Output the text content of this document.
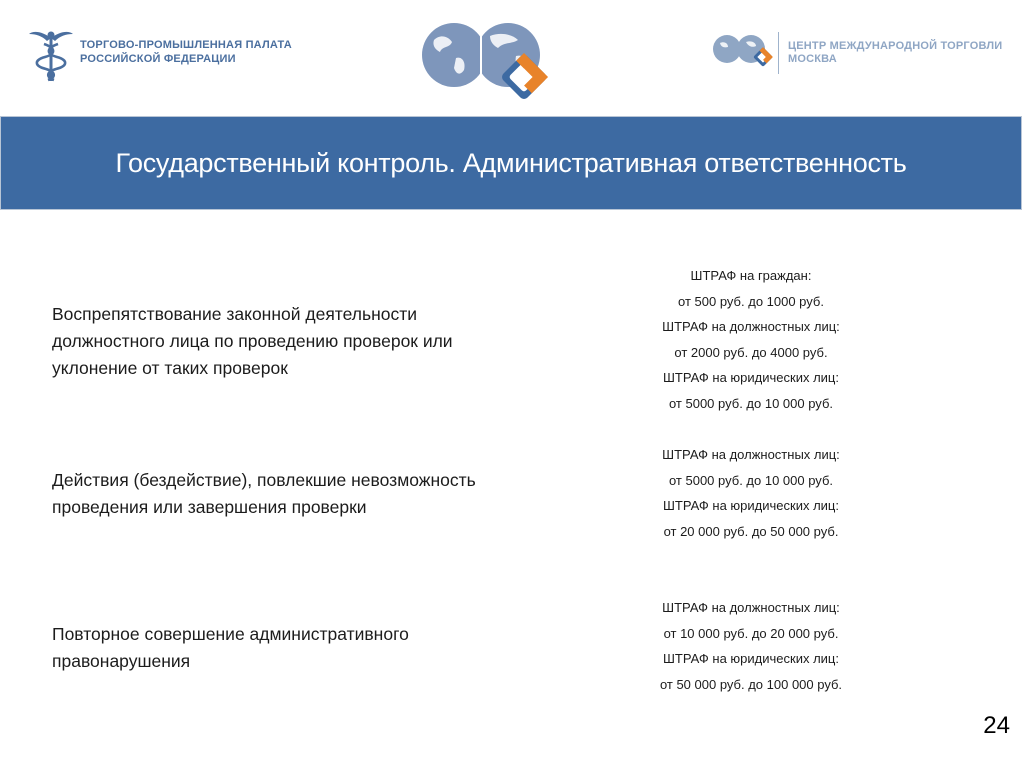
ТОРГОВО-ПРОМЫШЛЕННАЯ ПАЛАТА
РОССИЙСКОЙ ФЕДЕРАЦИИ
ЦЕНТР МЕЖДУНАРОДНОЙ ТОРГОВЛИ
МОСКВА
Государственный контроль. Административная ответственность
Воспрепятствование законной деятельности должностного лица по проведению проверок или уклонение от таких проверок
ШТРАФ на граждан:
от 500 руб. до 1000 руб.
ШТРАФ на должностных лиц:
от 2000 руб. до 4000 руб.
ШТРАФ на юридических лиц:
от 5000 руб. до 10 000 руб.
Действия (бездействие), повлекшие невозможность проведения или завершения проверки
ШТРАФ на должностных лиц:
от 5000 руб. до 10 000 руб.
ШТРАФ на юридических лиц:
от 20 000 руб. до 50 000 руб.
Повторное совершение административного правонарушения
ШТРАФ на должностных лиц:
от 10 000 руб. до 20 000 руб.
ШТРАФ на юридических лиц:
от 50 000 руб. до 100 000 руб.
24
